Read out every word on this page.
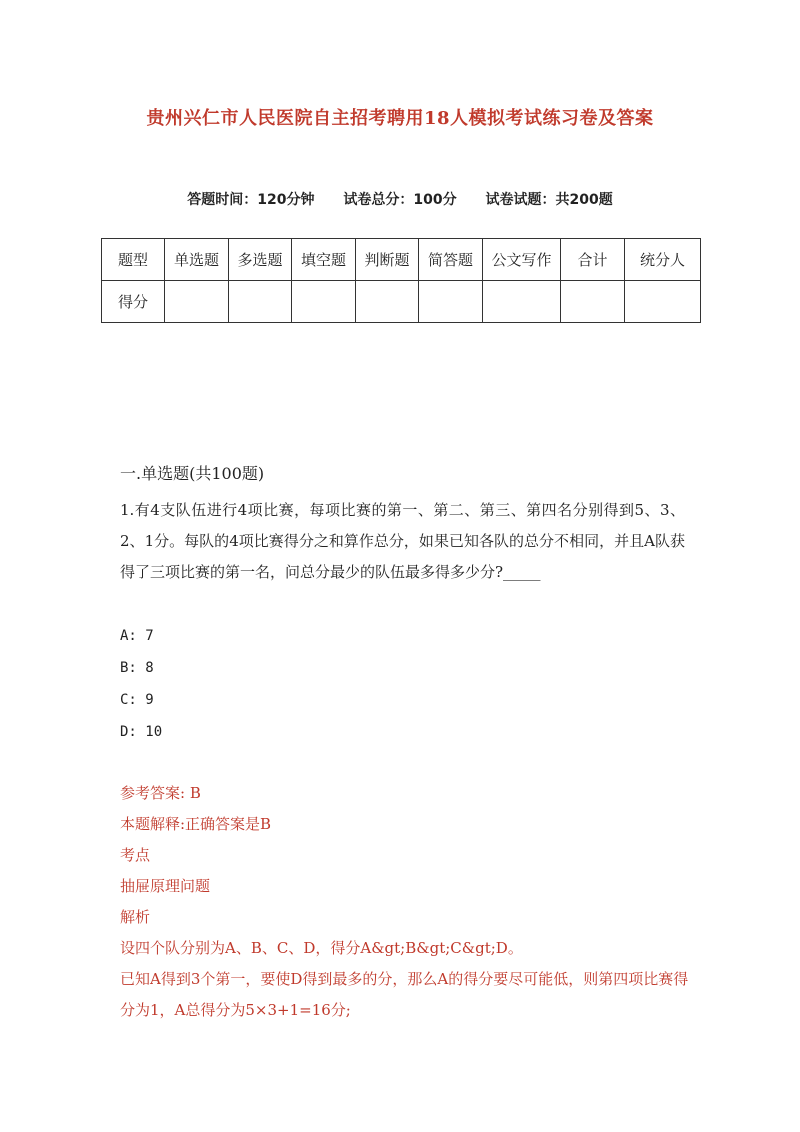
贵州兴仁市人民医院自主招考聘用18人模拟考试练习卷及答案
答题时间：120分钟 试卷总分：100分 试卷试题：共200题
题型	单选题	多选题	填空题	判断题	简答题	公文写作	合计	统分人
得分								
一.单选题(共100题)
1.有4支队伍进行4项比赛，每项比赛的第一、第二、第三、第四名分别得到5、3、2、1分。每队的4项比赛得分之和算作总分，如果已知各队的总分不相同，并且A队获得了三项比赛的第一名，问总分最少的队伍最多得多少分?_____
A: 7
B: 8
C: 9
D: 10
参考答案: B
本题解释:正确答案是B
考点
抽屉原理问题
解析
设四个队分别为A、B、C、D，得分A&gt;B&gt;C&gt;D。
已知A得到3个第一，要使D得到最多的分，那么A的得分要尽可能低，则第四项比赛得分为1，A总得分为5×3+1=16分;
